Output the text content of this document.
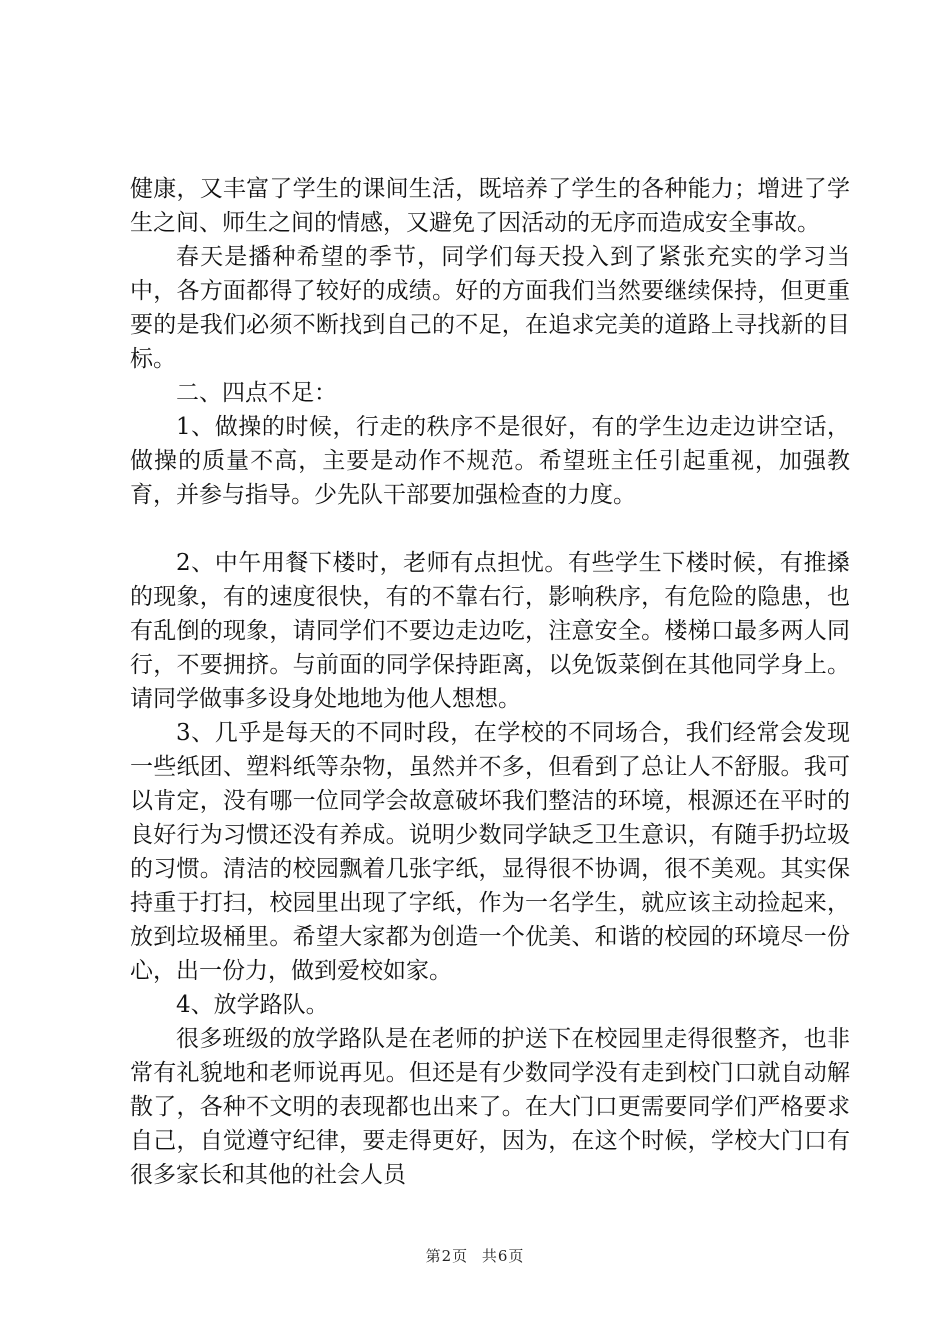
健康，又丰富了学生的课间生活，既培养了学生的各种能力；增进了学生之间、师生之间的情感，又避免了因活动的无序而造成安全事故。

春天是播种希望的季节，同学们每天投入到了紧张充实的学习当中，各方面都得了较好的成绩。好的方面我们当然要继续保持，但更重要的是我们必须不断找到自己的不足，在追求完美的道路上寻找新的目标。

二、四点不足：

1、做操的时候，行走的秩序不是很好，有的学生边走边讲空话，做操的质量不高，主要是动作不规范。希望班主任引起重视，加强教育，并参与指导。少先队干部要加强检查的力度。

2、中午用餐下楼时，老师有点担忧。有些学生下楼时候，有推搡的现象，有的速度很快，有的不靠右行，影响秩序，有危险的隐患，也有乱倒的现象，请同学们不要边走边吃，注意安全。楼梯口最多两人同行，不要拥挤。与前面的同学保持距离，以免饭菜倒在其他同学身上。请同学做事多设身处地地为他人想想。

3、几乎是每天的不同时段，在学校的不同场合，我们经常会发现一些纸团、塑料纸等杂物，虽然并不多，但看到了总让人不舒服。我可以肯定，没有哪一位同学会故意破坏我们整洁的环境，根源还在平时的良好行为习惯还没有养成。说明少数同学缺乏卫生意识，有随手扔垃圾的习惯。清洁的校园飘着几张字纸，显得很不协调，很不美观。其实保持重于打扫，校园里出现了字纸，作为一名学生，就应该主动捡起来，放到垃圾桶里。希望大家都为创造一个优美、和谐的校园的环境尽一份心，出一份力，做到爱校如家。

4、放学路队。

很多班级的放学路队是在老师的护送下在校园里走得很整齐，也非常有礼貌地和老师说再见。但还是有少数同学没有走到校门口就自动解散了，各种不文明的表现都也出来了。在大门口更需要同学们严格要求自己，自觉遵守纪律，要走得更好，因为，在这个时候，学校大门口有很多家长和其他的社会人员

第2页 共6页
